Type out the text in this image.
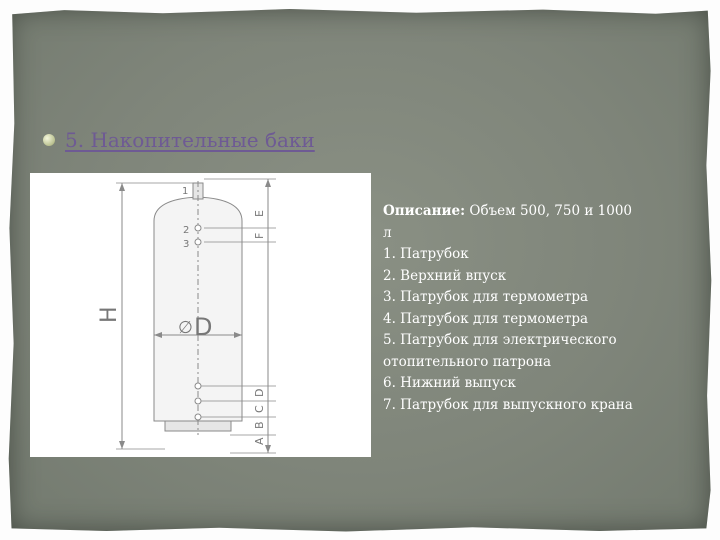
5. Накопительные баки
1
2
3
H
∅ D
E
F
D
C
B
A
Описание: Объем 500, 750 и 1000
л
1. Патрубок
2. Верхний впуск
3. Патрубок для термометра
4. Патрубок для термометра
5. Патрубок для электрического
отопительного патрона
6. Нижний выпуск
7. Патрубок для выпускного крана
